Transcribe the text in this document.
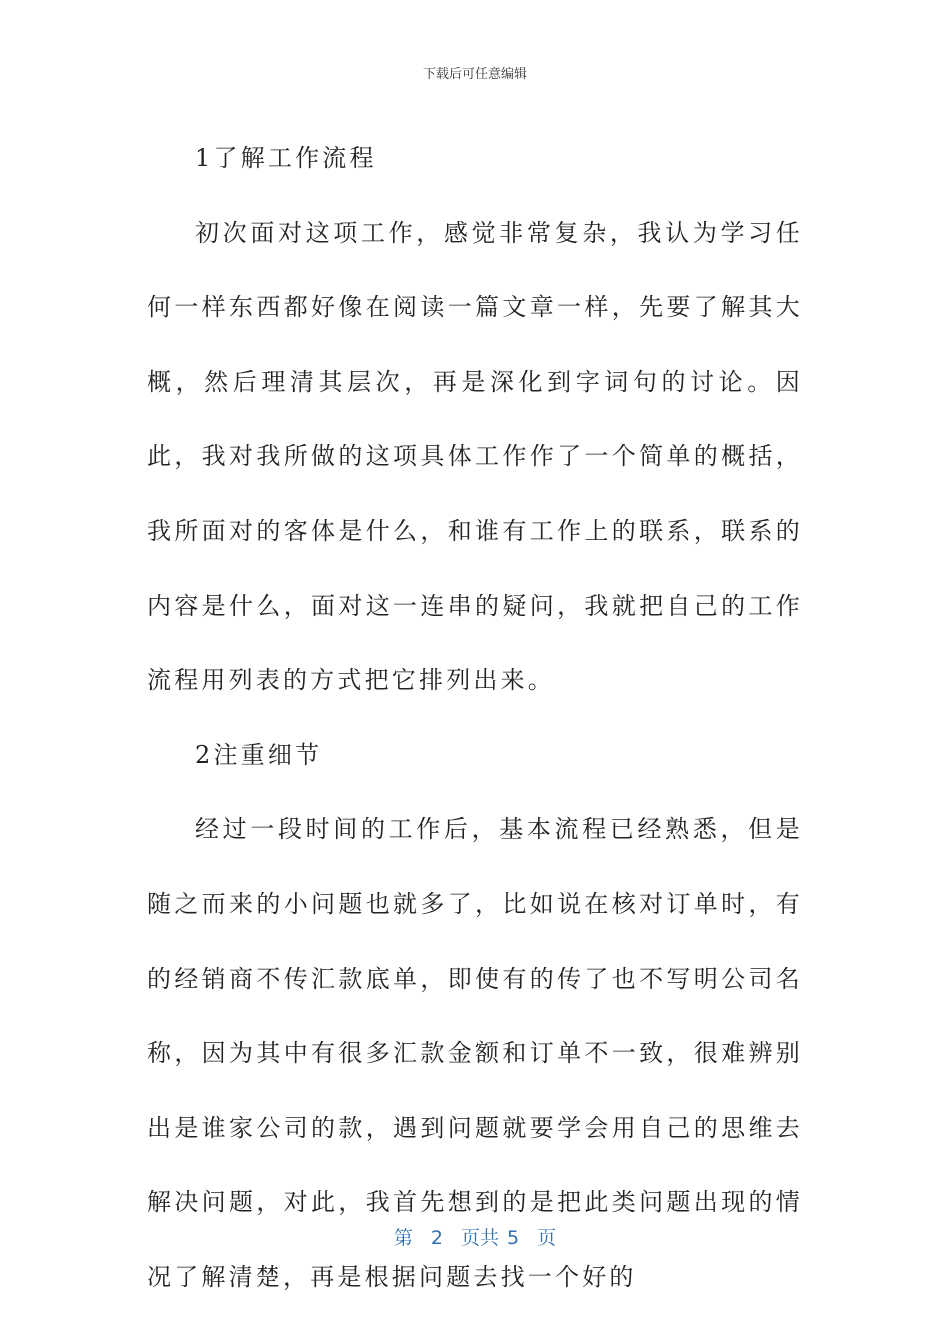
下载后可任意编辑

1了解工作流程

初次面对这项工作，感觉非常复杂，我认为学习任何一样东西都好像在阅读一篇文章一样，先要了解其大概，然后理清其层次，再是深化到字词句的讨论。因此，我对我所做的这项具体工作作了一个简单的概括，我所面对的客体是什么，和谁有工作上的联系，联系的内容是什么，面对这一连串的疑问，我就把自己的工作流程用列表的方式把它排列出来。

2注重细节

经过一段时间的工作后，基本流程已经熟悉，但是随之而来的小问题也就多了，比如说在核对订单时，有的经销商不传汇款底单，即使有的传了也不写明公司名称，因为其中有很多汇款金额和订单不一致，很难辨别出是谁家公司的款，遇到问题就要学会用自己的思维去解决问题，对此，我首先想到的是把此类问题出现的情况了解清楚，再是根据问题去找一个好的

第 2 页共 5 页
